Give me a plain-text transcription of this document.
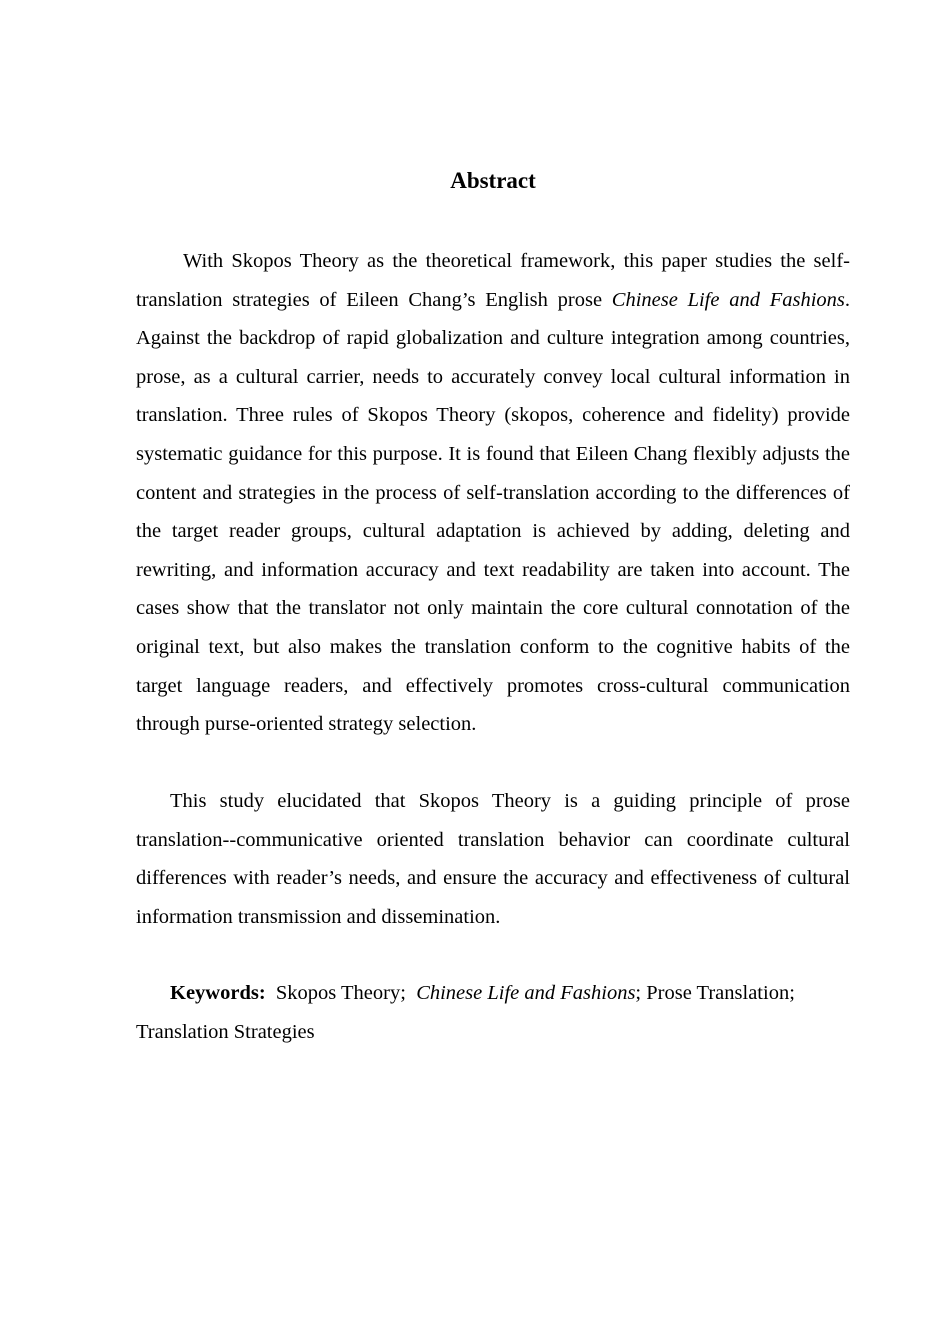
Abstract

With Skopos Theory as the theoretical framework, this paper studies the self-translation strategies of Eileen Chang’s English prose Chinese Life and Fashions. Against the backdrop of rapid globalization and culture integration among countries, prose, as a cultural carrier, needs to accurately convey local cultural information in translation. Three rules of Skopos Theory (skopos, coherence and fidelity) provide systematic guidance for this purpose. It is found that Eileen Chang flexibly adjusts the content and strategies in the process of self-translation according to the differences of the target reader groups, cultural adaptation is achieved by adding, deleting and rewriting, and information accuracy and text readability are taken into account. The cases show that the translator not only maintain the core cultural connotation of the original text, but also makes the translation conform to the cognitive habits of the target language readers, and effectively promotes cross-cultural communication through purse-oriented strategy selection.

This study elucidated that Skopos Theory is a guiding principle of prose translation--communicative oriented translation behavior can coordinate cultural differences with reader’s needs, and ensure the accuracy and effectiveness of cultural information transmission and dissemination.

Keywords: Skopos Theory; Chinese Life and Fashions; Prose Translation; Translation Strategies
